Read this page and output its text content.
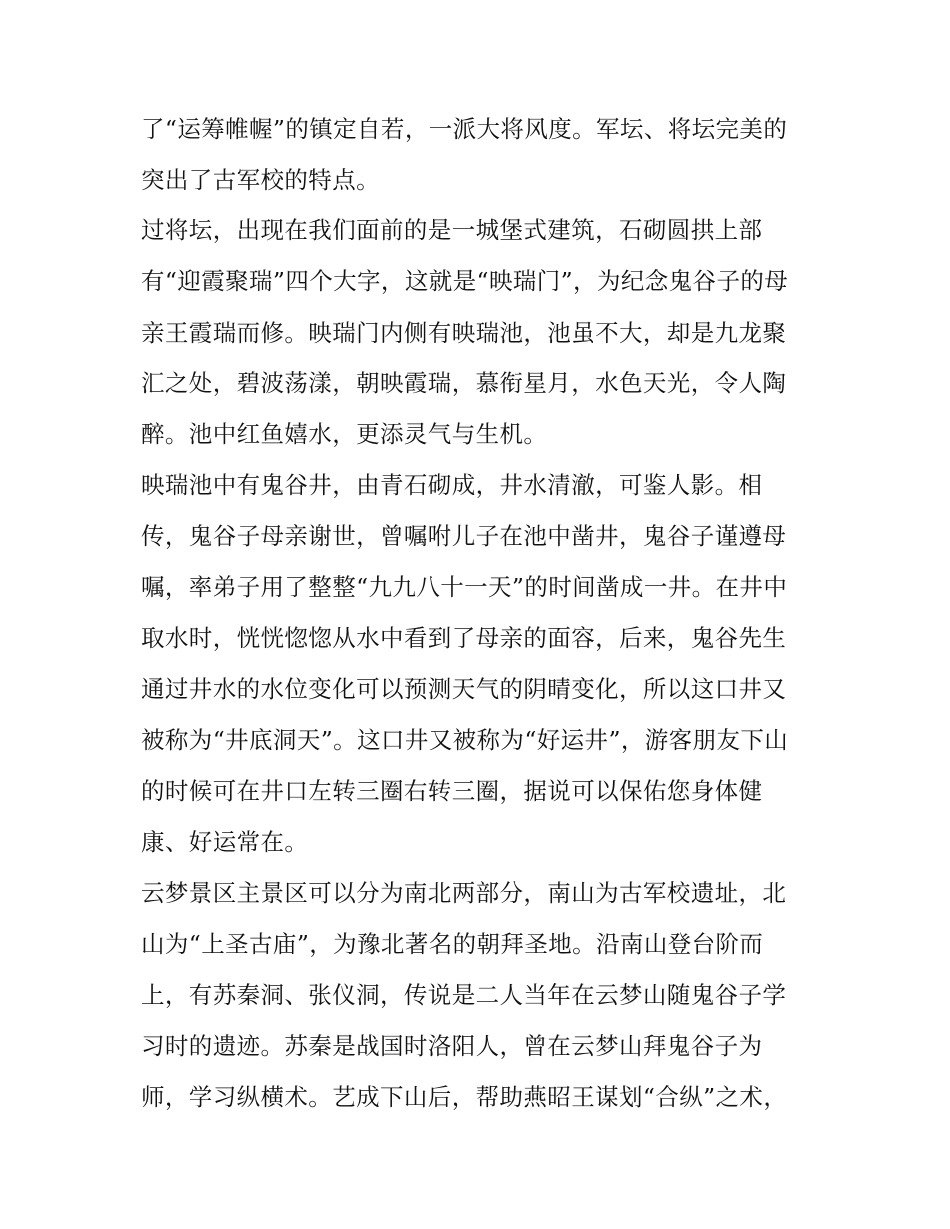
了“运筹帷幄”的镇定自若，一派大将风度。军坛、将坛完美的
突出了古军校的特点。
过将坛，出现在我们面前的是一城堡式建筑，石砌圆拱上部
有“迎霞聚瑞”四个大字，这就是“映瑞门”，为纪念鬼谷子的母
亲王霞瑞而修。映瑞门内侧有映瑞池，池虽不大，却是九龙聚
汇之处，碧波荡漾，朝映霞瑞，慕衔星月，水色天光，令人陶
醉。池中红鱼嬉水，更添灵气与生机。
映瑞池中有鬼谷井，由青石砌成，井水清澈，可鉴人影。相
传，鬼谷子母亲谢世，曾嘱咐儿子在池中凿井，鬼谷子谨遵母
嘱，率弟子用了整整“九九八十一天”的时间凿成一井。在井中
取水时，恍恍惚惚从水中看到了母亲的面容，后来，鬼谷先生
通过井水的水位变化可以预测天气的阴晴变化，所以这口井又
被称为“井底洞天”。这口井又被称为“好运井”，游客朋友下山
的时候可在井口左转三圈右转三圈，据说可以保佑您身体健
康、好运常在。
云梦景区主景区可以分为南北两部分，南山为古军校遗址，北
山为“上圣古庙”，为豫北著名的朝拜圣地。沿南山登台阶而
上，有苏秦洞、张仪洞，传说是二人当年在云梦山随鬼谷子学
习时的遗迹。苏秦是战国时洛阳人，曾在云梦山拜鬼谷子为
师，学习纵横术。艺成下山后，帮助燕昭王谋划“合纵”之术，
